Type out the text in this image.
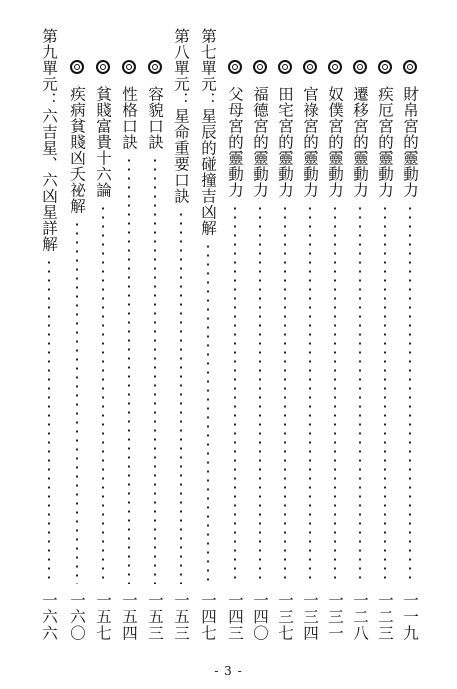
財帛宮的靈動力
一一九
疾厄宮的靈動力
一二三
遷移宮的靈動力
一二八
奴僕宮的靈動力
一三一
官祿宮的靈動力
一三四
田宅宮的靈動力
一三七
福德宮的靈動力
一四〇
父母宮的靈動力
一四三
第七單元：星辰的碰撞吉凶解
一四七
第八單元：星命重要口訣
一五三
容貌口訣
一五三
性格口訣
一五四
貧賤富貴十六論
一五七
疾病貧賤凶夭祕解
一六〇
第九單元：六吉星、六凶星詳解
一六六
- 3 -
